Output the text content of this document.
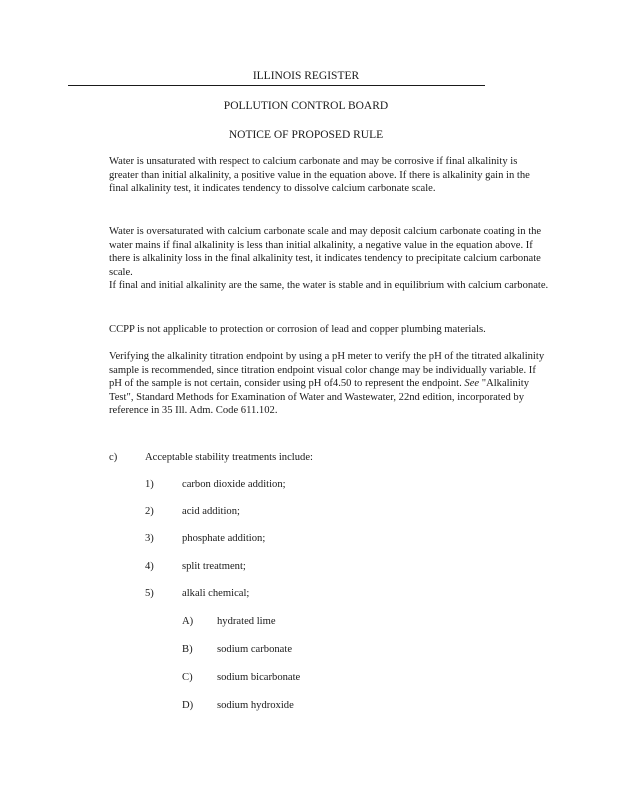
ILLINOIS REGISTER
POLLUTION CONTROL BOARD
NOTICE OF PROPOSED RULE

Water is unsaturated with respect to calcium carbonate and may be corrosive if final alkalinity is greater than initial alkalinity, a positive value in the equation above. If there is alkalinity gain in the final alkalinity test, it indicates tendency to dissolve calcium carbonate scale.

Water is oversaturated with calcium carbonate scale and may deposit calcium carbonate coating in the water mains if final alkalinity is less than initial alkalinity, a negative value in the equation above. If there is alkalinity loss in the final alkalinity test, it indicates tendency to precipitate calcium carbonate scale.
If final and initial alkalinity are the same, the water is stable and in equilibrium with calcium carbonate.

CCPP is not applicable to protection or corrosion of lead and copper plumbing materials.

Verifying the alkalinity titration endpoint by using a pH meter to verify the pH of the titrated alkalinity sample is recommended, since titration endpoint visual color change may be individually variable. If pH of the sample is not certain, consider using pH of4.50 to represent the endpoint. See "Alkalinity Test", Standard Methods for Examination of Water and Wastewater, 22nd edition, incorporated by reference in 35 Ill. Adm. Code 611.102.

c)	Acceptable stability treatments include:
1)	carbon dioxide addition;
2)	acid addition;
3)	phosphate addition;
4)	split treatment;
5)	alkali chemical;
A) hydrated lime
B) sodium carbonate
C) sodium bicarbonate
D) sodium hydroxide
